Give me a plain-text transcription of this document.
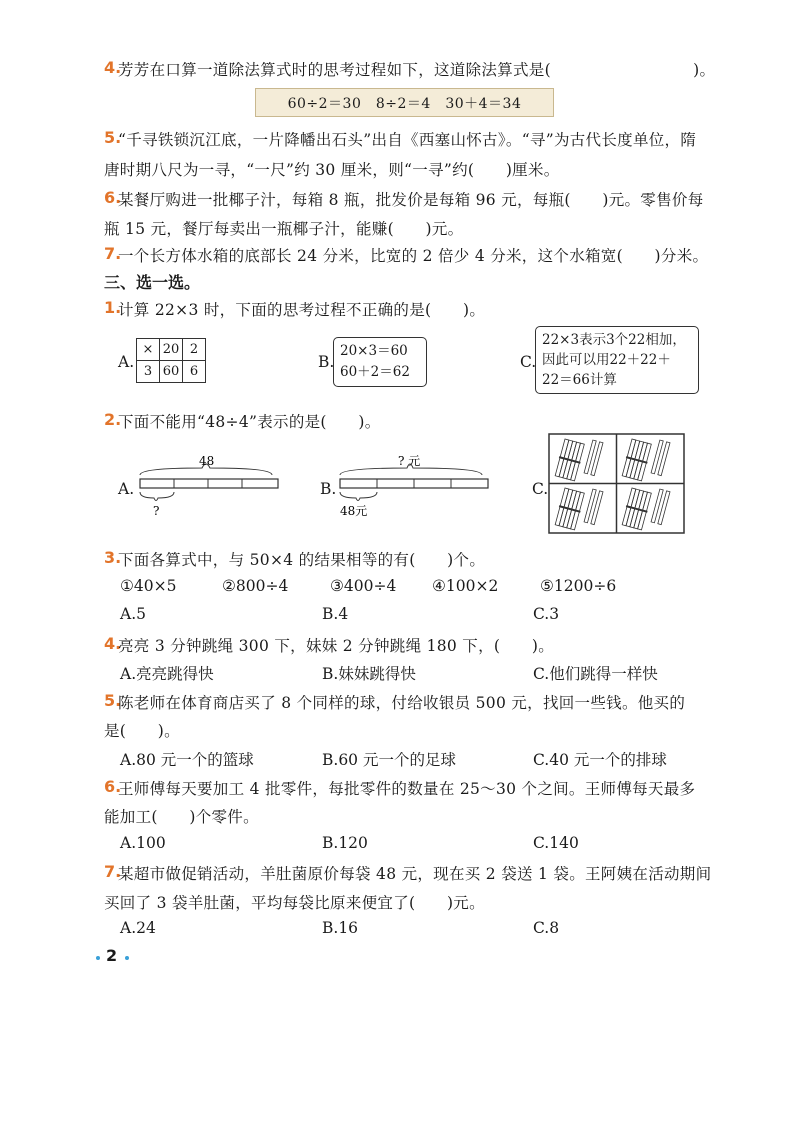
4.
芳芳在口算一道除法算式时的思考过程如下，这道除法算式是(　　　　　　　　　)。
60÷2＝30　8÷2＝4　30＋4＝34
5.
“千寻铁锁沉江底，一片降幡出石头”出自《西塞山怀古》。“寻”为古代长度单位，隋
唐时期八尺为一寻，“一尺”约 30 厘米，则“一寻”约(　　)厘米。
6.
某餐厅购进一批椰子汁，每箱 8 瓶，批发价是每箱 96 元，每瓶(　　)元。零售价每
瓶 15 元，餐厅每卖出一瓶椰子汁，能赚(　　)元。
7.
一个长方体水箱的底部长 24 分米，比宽的 2 倍少 4 分米，这个水箱宽(　　)分米。
三、选一选。
1.
计算 22×3 时，下面的思考过程不正确的是(　　)。
A.
×	20	2
3	60	6
B.
20×3＝60
60＋2＝62
C.
22×3表示3个22相加，
因此可以用22＋22＋
22＝66计算
2.
下面不能用“48÷4”表示的是(　　)。
A.
48
?
B.
? 元
48元
C.
3.
下面各算式中，与 50×4 的结果相等的有(　　)个。
①40×5	②800÷4	③400÷4 ④100×2	⑤1200÷6
A.5	B.4	C.3
4.
亮亮 3 分钟跳绳 300 下，妹妹 2 分钟跳绳 180 下，(　　)。
A.亮亮跳得快	B.妹妹跳得快	C.他们跳得一样快
5.
陈老师在体育商店买了 8 个同样的球，付给收银员 500 元，找回一些钱。他买的
是(　　)。
A.80 元一个的篮球	B.60 元一个的足球	C.40 元一个的排球
6.
王师傅每天要加工 4 批零件，每批零件的数量在 25～30 个之间。王师傅每天最多
能加工(　　)个零件。
A.100	B.120	C.140
7.
某超市做促销活动，羊肚菌原价每袋 48 元，现在买 2 袋送 1 袋。王阿姨在活动期间
买回了 3 袋羊肚菌，平均每袋比原来便宜了(　　)元。
A.24	B.16	C.8
2
